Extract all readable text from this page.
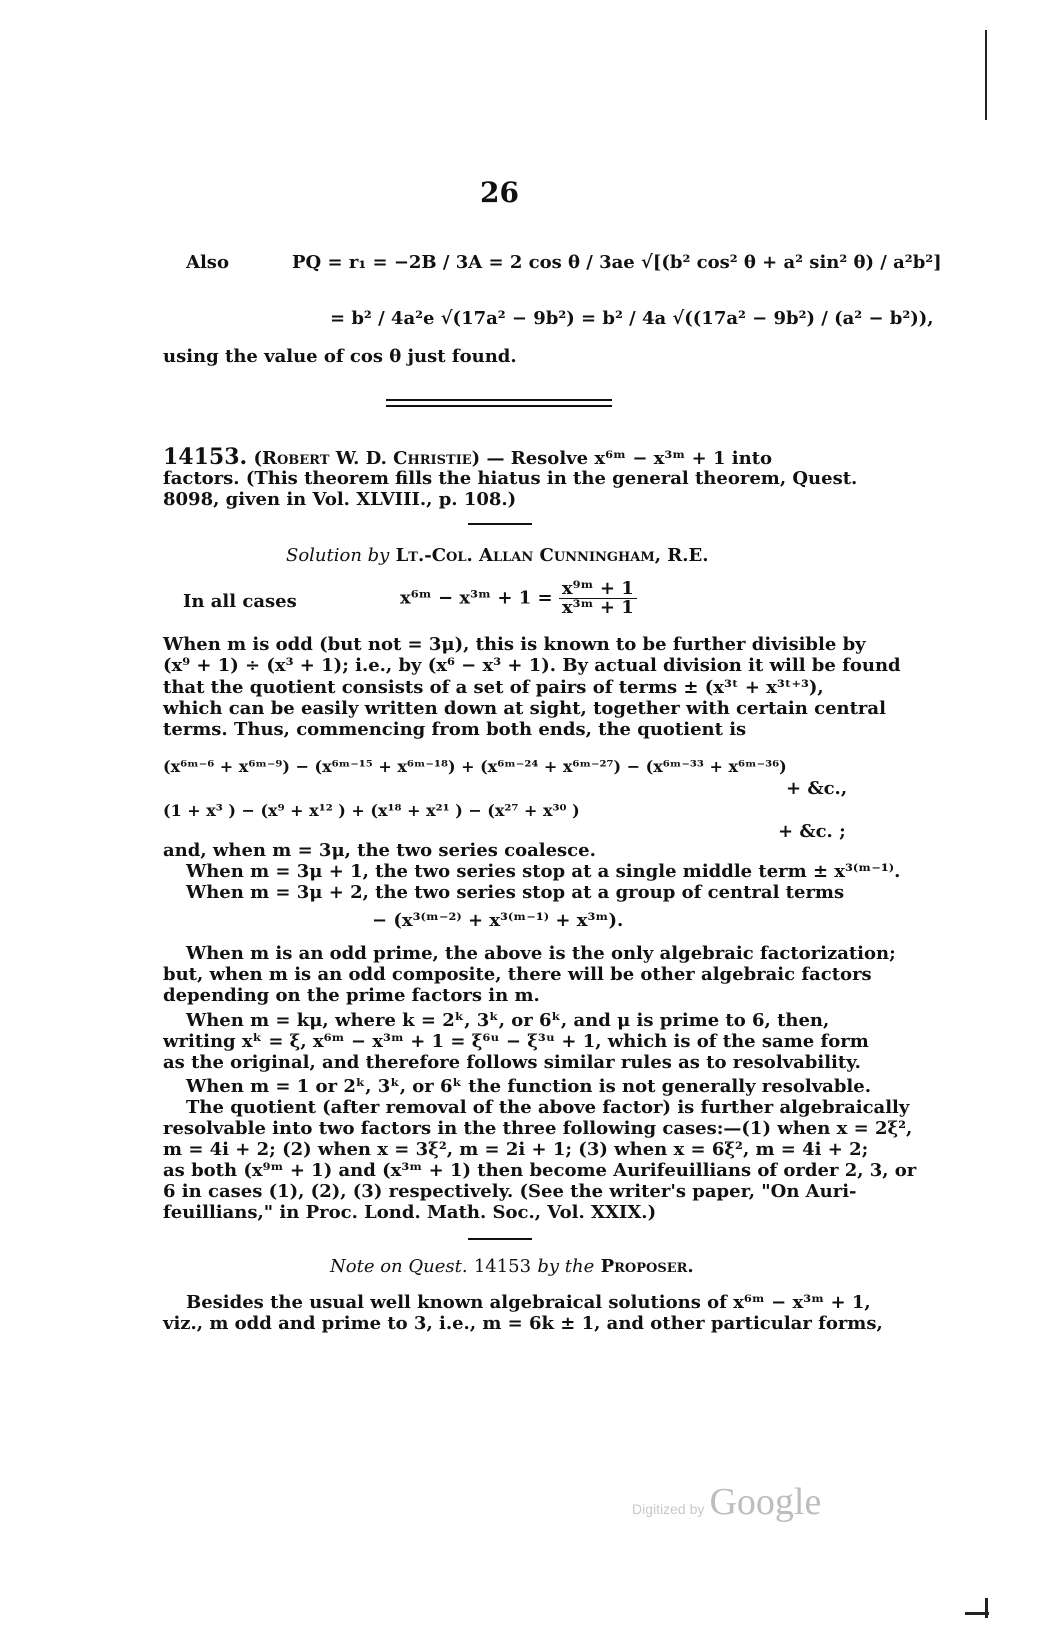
26
Also	PQ = r₁ = −2B / 3A = 2 cos θ / 3ae √[(b² cos² θ + a² sin² θ) / a²b²]
= b² / 4a²e √(17a² − 9b²) = b² / 4a √((17a² − 9b²) / (a² − b²)),
using the value of cos θ just found.
14153. (Robert W. D. Christie) — Resolve x⁶ᵐ − x³ᵐ + 1 into
factors. (This theorem fills the hiatus in the general theorem, Quest.
8098, given in Vol. XLVIII., p. 108.)
Solution by Lt.-Col. Allan Cunningham, R.E.
In all cases	x⁶ᵐ − x³ᵐ + $1 = \frac{\text{x⁹ᵐ + 1}}{\text{x³ᵐ + 1}}$
When m is odd (but not = 3μ), this is known to be further divisible by
(x⁹ + 1) ÷ (x³ + 1); i.e., by (x⁶ − x³ + 1). By actual division it will be found
that the quotient consists of a set of pairs of terms ± (x³ᵗ + x³ᵗ⁺³),
which can be easily written down at sight, together with certain central
terms. Thus, commencing from both ends, the quotient is
(x⁶ᵐ⁻⁶ + x⁶ᵐ⁻⁹) − (x⁶ᵐ⁻¹⁵ + x⁶ᵐ⁻¹⁸) + (x⁶ᵐ⁻²⁴ + x⁶ᵐ⁻²⁷) − (x⁶ᵐ⁻³³ + x⁶ᵐ⁻³⁶)
+ &c.,
(1 + x³ ) − (x⁹ + x¹² ) + (x¹⁸ + x²¹ ) − (x²⁷ + x³⁰ )
+ &c. ;
and, when m = 3μ, the two series coalesce.
When m = 3μ + 1, the two series stop at a single middle term ± x³⁽ᵐ⁻¹⁾.
When m = 3μ + 2, the two series stop at a group of central terms
− (x³⁽ᵐ⁻²⁾ + x³⁽ᵐ⁻¹⁾ + x³ᵐ).
When m is an odd prime, the above is the only algebraic factorization;
but, when m is an odd composite, there will be other algebraic factors
depending on the prime factors in m.
When m = kμ, where k = 2ᵏ, 3ᵏ, or 6ᵏ, and μ is prime to 6, then,
writing xᵏ = ξ, x⁶ᵐ − x³ᵐ + 1 = ξ⁶ᵘ − ξ³ᵘ + 1, which is of the same form
as the original, and therefore follows similar rules as to resolvability.
When m = 1 or 2ᵏ, 3ᵏ, or 6ᵏ the function is not generally resolvable.
The quotient (after removal of the above factor) is further algebraically
resolvable into two factors in the three following cases:—(1) when x = 2ξ²,
m = 4i + 2; (2) when x = 3ξ², m = 2i + 1; (3) when x = 6ξ², m = 4i + 2;
as both (x⁹ᵐ + 1) and (x³ᵐ + 1) then become Aurifeuillians of order 2, 3, or
6 in cases (1), (2), (3) respectively. (See the writer's paper, "On Auri-
feuillians," in Proc. Lond. Math. Soc., Vol. XXIX.)
Note on Quest. 14153 by the Proposer.
Besides the usual well known algebraical solutions of x⁶ᵐ − x³ᵐ + 1,
viz., m odd and prime to 3, i.e., m = 6k ± 1, and other particular forms,
Digitized by Google
